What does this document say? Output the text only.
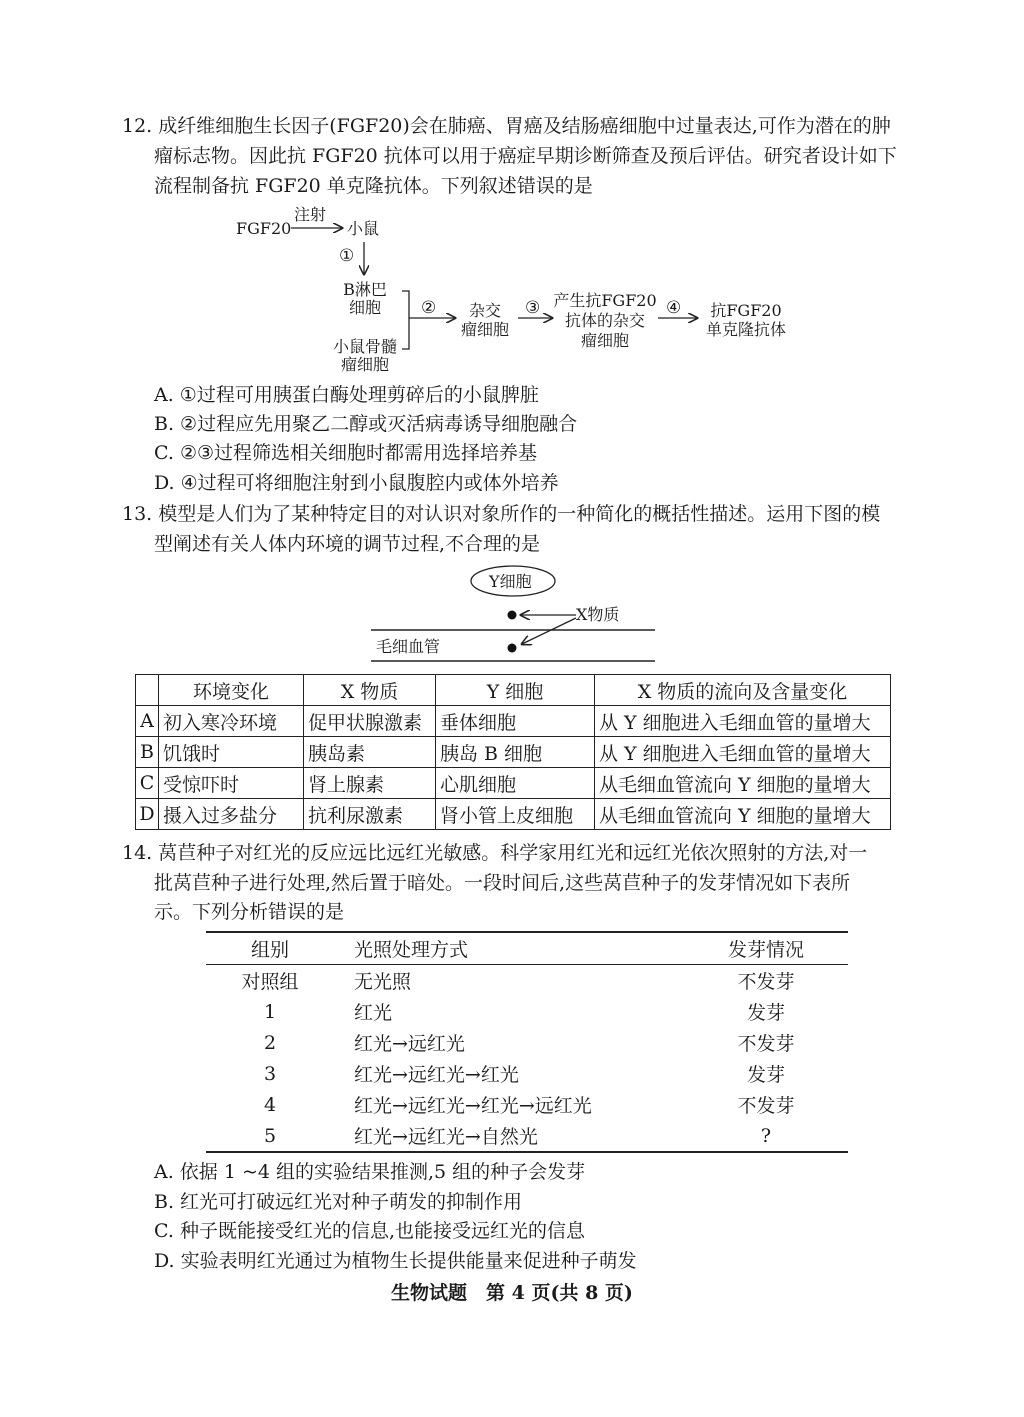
12. 成纤维细胞生长因子(FGF20)会在肺癌、胃癌及结肠癌细胞中过量表达,可作为潜在的肿
瘤标志物。因此抗 FGF20 抗体可以用于癌症早期诊断筛查及预后评估。研究者设计如下
流程制备抗 FGF20 单克隆抗体。下列叙述错误的是
FGF20
注射
小鼠
①
B淋巴
细胞
小鼠骨髓
瘤细胞
②	杂交
瘤细胞
③ 产生抗FGF20
抗体的杂交
瘤细胞
④	抗FGF20
单克隆抗体
A. ①过程可用胰蛋白酶处理剪碎后的小鼠脾脏
B. ②过程应先用聚乙二醇或灭活病毒诱导细胞融合
C. ②③过程筛选相关细胞时都需用选择培养基
D. ④过程可将细胞注射到小鼠腹腔内或体外培养
13. 模型是人们为了某种特定目的对认识对象所作的一种简化的概括性描述。运用下图的模
型阐述有关人体内环境的调节过程,不合理的是
Y细胞
X物质
毛细血管
	环境变化	X 物质	Y 细胞	X 物质的流向及含量变化
A	初入寒冷环境	促甲状腺激素	垂体细胞	从 Y 细胞进入毛细血管的量增大
B	饥饿时	胰岛素	胰岛 B 细胞	从 Y 细胞进入毛细血管的量增大
C	受惊吓时	肾上腺素	心肌细胞	从毛细血管流向 Y 细胞的量增大
D	摄入过多盐分	抗利尿激素	肾小管上皮细胞	从毛细血管流向 Y 细胞的量增大
14. 莴苣种子对红光的反应远比远红光敏感。科学家用红光和远红光依次照射的方法,对一
批莴苣种子进行处理,然后置于暗处。一段时间后,这些莴苣种子的发芽情况如下表所
示。下列分析错误的是
组别	光照处理方式	发芽情况
对照组	无光照	不发芽
1	红光	发芽
2	红光→远红光	不发芽
3	红光→远红光→红光	发芽
4	红光→远红光→红光→远红光	不发芽
5	红光→远红光→自然光	?
A. 依据 1 ~4 组的实验结果推测,5 组的种子会发芽
B. 红光可打破远红光对种子萌发的抑制作用
C. 种子既能接受红光的信息,也能接受远红光的信息
D. 实验表明红光通过为植物生长提供能量来促进种子萌发
生物试题　第 4 页(共 8 页)
